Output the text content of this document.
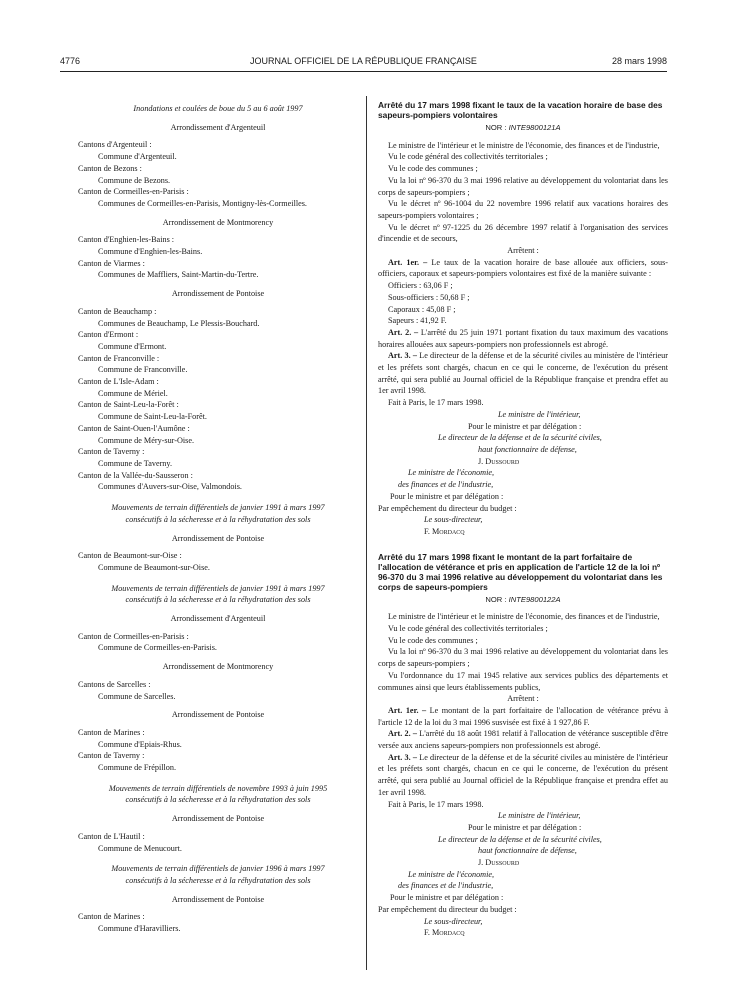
4776	JOURNAL OFFICIEL DE LA RÉPUBLIQUE FRANÇAISE	28 mars 1998
Inondations et coulées de boue du 5 au 6 août 1997
Arrondissement d'Argenteuil
Cantons d'Argenteuil :
Commune d'Argenteuil.
Canton de Bezons :
Commune de Bezons.
Canton de Cormeilles-en-Parisis :
Communes de Cormeilles-en-Parisis, Montigny-lès-Cormeilles.
Arrondissement de Montmorency
Canton d'Enghien-les-Bains :
Commune d'Enghien-les-Bains.
Canton de Viarmes :
Communes de Maffliers, Saint-Martin-du-Tertre.
Arrondissement de Pontoise
Canton de Beauchamp :
Communes de Beauchamp, Le Plessis-Bouchard.
Canton d'Ermont :
Commune d'Ermont.
Canton de Franconville :
Commune de Franconville.
Canton de L'Isle-Adam :
Commune de Mériel.
Canton de Saint-Leu-la-Forêt :
Commune de Saint-Leu-la-Forêt.
Canton de Saint-Ouen-l'Aumône :
Commune de Méry-sur-Oise.
Canton de Taverny :
Commune de Taverny.
Canton de la Vallée-du-Sausseron :
Communes d'Auvers-sur-Oise, Valmondois.
Mouvements de terrain différentiels de janvier 1991 à mars 1997
consécutifs à la sécheresse et à la réhydratation des sols
Arrondissement de Pontoise
Canton de Beaumont-sur-Oise :
Commune de Beaumont-sur-Oise.
Mouvements de terrain différentiels de janvier 1991 à mars 1997
consécutifs à la sécheresse et à la réhydratation des sols
Arrondissement d'Argenteuil
Canton de Cormeilles-en-Parisis :
Commune de Cormeilles-en-Parisis.
Arrondissement de Montmorency
Cantons de Sarcelles :
Commune de Sarcelles.
Arrondissement de Pontoise
Canton de Marines :
Commune d'Epiais-Rhus.
Canton de Taverny :
Commune de Frépillon.
Mouvements de terrain différentiels de novembre 1993 à juin 1995
consécutifs à la sécheresse et à la réhydratation des sols
Arrondissement de Pontoise
Canton de L'Hautil :
Commune de Menucourt.
Mouvements de terrain différentiels de janvier 1996 à mars 1997
consécutifs à la sécheresse et à la réhydratation des sols
Arrondissement de Pontoise
Canton de Marines :
Commune d'Haravilliers.
Arrêté du 17 mars 1998 fixant le taux de la vacation horaire de base des sapeurs-pompiers volontaires
NOR : INTE9800121A
Le ministre de l'intérieur et le ministre de l'économie, des finances et de l'industrie,
Vu le code général des collectivités territoriales ;
Vu le code des communes ;
Vu la loi nº 96-370 du 3 mai 1996 relative au développement du volontariat dans les corps de sapeurs-pompiers ;
Vu le décret nº 96-1004 du 22 novembre 1996 relatif aux vacations horaires des sapeurs-pompiers volontaires ;
Vu le décret nº 97-1225 du 26 décembre 1997 relatif à l'organisation des services d'incendie et de secours,
Arrêtent :
Art. 1er. – Le taux de la vacation horaire de base allouée aux officiers, sous-officiers, caporaux et sapeurs-pompiers volontaires est fixé de la manière suivante :
Officiers : 63,06 F ;
Sous-officiers : 50,68 F ;
Caporaux : 45,08 F ;
Sapeurs : 41,92 F.
Art. 2. – L'arrêté du 25 juin 1971 portant fixation du taux maximum des vacations horaires allouées aux sapeurs-pompiers non professionnels est abrogé.
Art. 3. – Le directeur de la défense et de la sécurité civiles au ministère de l'intérieur et les préfets sont chargés, chacun en ce qui le concerne, de l'exécution du présent arrêté, qui sera publié au Journal officiel de la République française et prendra effet au 1er avril 1998.
Fait à Paris, le 17 mars 1998.
Le ministre de l'intérieur,
Pour le ministre et par délégation :
Le directeur de la défense et de la sécurité civiles,
haut fonctionnaire de défense,
J. Dussourd
Le ministre de l'économie,
des finances et de l'industrie,
Pour le ministre et par délégation :
Par empêchement du directeur du budget :
Le sous-directeur,
F. Mordacq
Arrêté du 17 mars 1998 fixant le montant de la part forfaitaire de l'allocation de vétérance et pris en application de l'article 12 de la loi nº 96-370 du 3 mai 1996 relative au développement du volontariat dans les corps de sapeurs-pompiers
NOR : INTE9800122A
Le ministre de l'intérieur et le ministre de l'économie, des finances et de l'industrie,
Vu le code général des collectivités territoriales ;
Vu le code des communes ;
Vu la loi nº 96-370 du 3 mai 1996 relative au développement du volontariat dans les corps de sapeurs-pompiers ;
Vu l'ordonnance du 17 mai 1945 relative aux services publics des départements et communes ainsi que leurs établissements publics,
Arrêtent :
Art. 1er. – Le montant de la part forfaitaire de l'allocation de vétérance prévu à l'article 12 de la loi du 3 mai 1996 susvisée est fixé à 1 927,86 F.
Art. 2. – L'arrêté du 18 août 1981 relatif à l'allocation de vétérance susceptible d'être versée aux anciens sapeurs-pompiers non professionnels est abrogé.
Art. 3. – Le directeur de la défense et de la sécurité civiles au ministère de l'intérieur et les préfets sont chargés, chacun en ce qui le concerne, de l'exécution du présent arrêté, qui sera publié au Journal officiel de la République française et prendra effet au 1er avril 1998.
Fait à Paris, le 17 mars 1998.
Le ministre de l'intérieur,
Pour le ministre et par délégation :
Le directeur de la défense et de la sécurité civiles,
haut fonctionnaire de défense,
J. Dussourd
Le ministre de l'économie,
des finances et de l'industrie,
Pour le ministre et par délégation :
Par empêchement du directeur du budget :
Le sous-directeur,
F. Mordacq
